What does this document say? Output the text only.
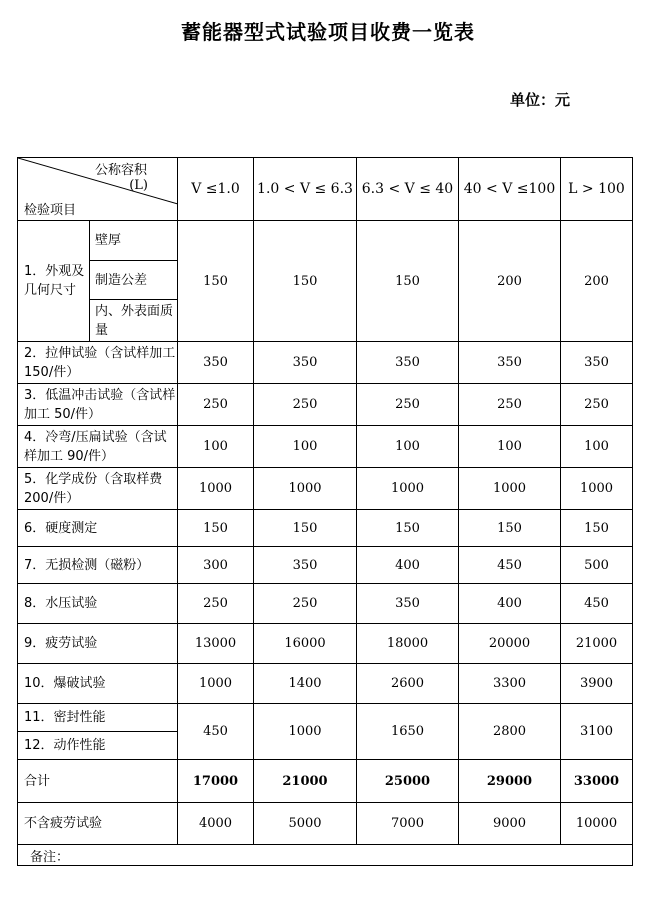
蓄能器型式试验项目收费一览表
单位：元
公称容积
(L)
检验项目		V ≤1.0	1.0 < V ≤ 6.3	6.3 < V ≤ 40	40 < V ≤100	L > 100
1．外观及几何尺寸	壁厚	150	150	150	200	200
	制造公差					
	内、外表面质量					
2．拉伸试验（含试样加工 150/件）		350	350	350	350	350
3．低温冲击试验（含试样加工 50/件）		250	250	250	250	250
4．冷弯/压扁试验（含试样加工 90/件）		100	100	100	100	100
5．化学成份（含取样费 200/件）		1000	1000	1000	1000	1000
6．硬度测定		150	150	150	150	150
7．无损检测（磁粉）		300	350	400	450	500
8．水压试验		250	250	350	400	450
9．疲劳试验		13000	16000	18000	20000	21000
10．爆破试验		1000	1400	2600	3300	3900
11．密封性能		450	1000	1650	2800	3100
12．动作性能						
合计		17000	21000	25000	29000	33000
不含疲劳试验		4000	5000	7000	9000	10000
备注：						
